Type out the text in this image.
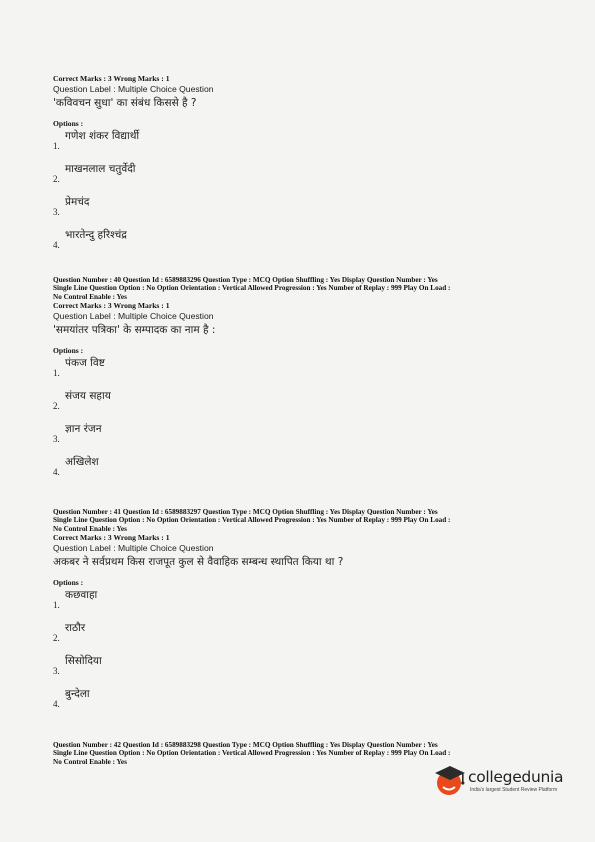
Correct Marks : 3 Wrong Marks : 1
Question Label : Multiple Choice Question
'कविवचन सुधा' का संबंध किससे है ?
Options :
1.
गणेश शंकर विद्यार्थी
2.
माखनलाल चतुर्वेदी
3.
प्रेमचंद
4.
भारतेन्दु हरिश्चंद्र
Question Number : 40 Question Id : 6589883296 Question Type : MCQ Option Shuffling : Yes Display Question Number : Yes
Single Line Question Option : No Option Orientation : Vertical Allowed Progression : Yes Number of Replay : 999 Play On Load :
No Control Enable : Yes
Correct Marks : 3 Wrong Marks : 1
Question Label : Multiple Choice Question
'समयांतर पत्रिका' के सम्पादक का नाम है :
Options :
1.
पंकज विष्ट
2.
संजय सहाय
3.
ज्ञान रंजन
4.
अखिलेश
Question Number : 41 Question Id : 6589883297 Question Type : MCQ Option Shuffling : Yes Display Question Number : Yes
Single Line Question Option : No Option Orientation : Vertical Allowed Progression : Yes Number of Replay : 999 Play On Load :
No Control Enable : Yes
Correct Marks : 3 Wrong Marks : 1
Question Label : Multiple Choice Question
अकबर ने सर्वप्रथम किस राजपूत कुल से वैवाहिक सम्बन्ध स्थापित किया था ?
Options :
1.
कछवाहा
2.
राठौर
3.
सिसोदिया
4.
बुन्देला
Question Number : 42 Question Id : 6589883298 Question Type : MCQ Option Shuffling : Yes Display Question Number : Yes
Single Line Question Option : No Option Orientation : Vertical Allowed Progression : Yes Number of Replay : 999 Play On Load :
No Control Enable : Yes
collegedunia
India's largest Student Review Platform
